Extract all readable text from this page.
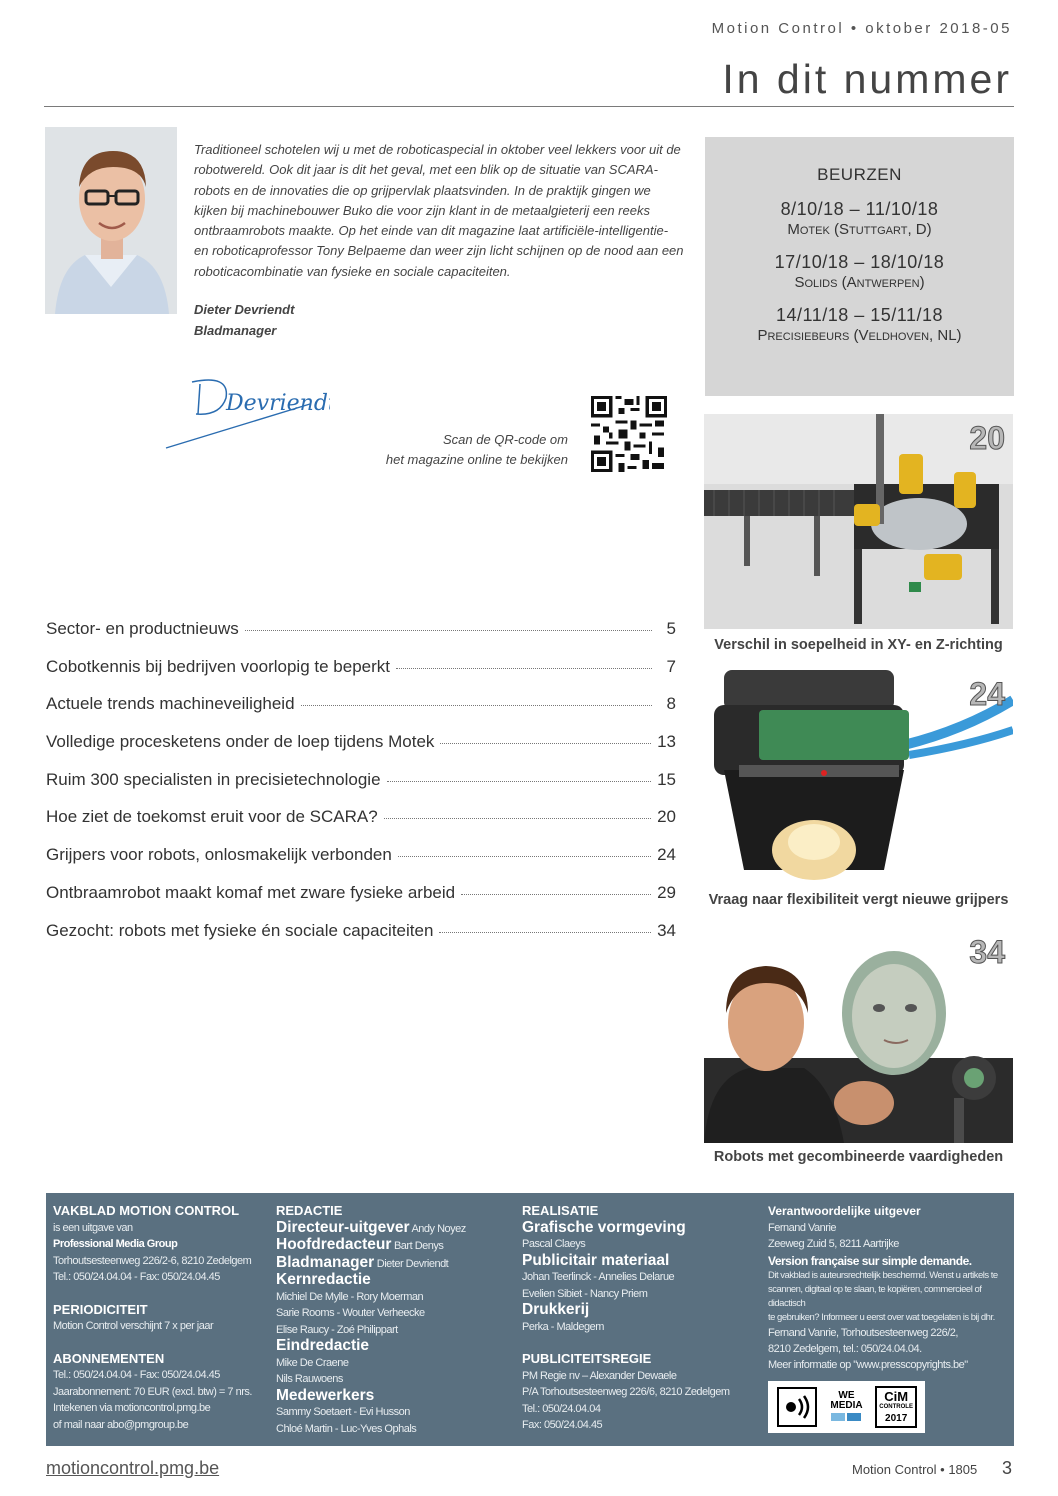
Motion Control • oktober 2018-05
In dit nummer
Traditioneel schotelen wij u met de roboticaspecial in oktober veel lekkers voor uit de robotwereld. Ook dit jaar is dit het geval, met een blik op de situatie van SCARA-robots en de innovaties die op grijpervlak plaatsvinden. In de praktijk gingen we kijken bij machinebouwer Buko die voor zijn klant in de metaalgieterij een reeks ontbraamrobots maakte. Op het einde van dit magazine laat artificiële-intelligentie- en roboticaprofessor Tony Belpaeme dan weer zijn licht schijnen op de nood aan een roboticacombinatie van fysieke en sociale capaciteiten.
Dieter Devriendt
Bladmanager
Devriendt
Scan de QR-code om
het magazine online te bekijken
BEURZEN
8/10/18 – 11/10/18
Motek (Stuttgart, D)
17/10/18 – 18/10/18
Solids (Antwerpen)
14/11/18 – 15/11/18
Precisiebeurs (Veldhoven, NL)
Sector- en productnieuws	5
Cobotkennis bij bedrijven voorlopig te beperkt	7
Actuele trends machineveiligheid	8
Volledige procesketens onder de loep tijdens Motek	13
Ruim 300 specialisten in precisietechnologie	15
Hoe ziet de toekomst eruit voor de SCARA?	20
Grijpers voor robots, onlosmakelijk verbonden	24
Ontbraamrobot maakt komaf met zware fysieke arbeid	29
Gezocht: robots met fysieke én sociale capaciteiten	34
20
Verschil in soepelheid in XY- en Z-richting
24
Vraag naar flexibiliteit vergt nieuwe grijpers
34
Robots met gecombineerde vaardigheden
VAKBLAD MOTION CONTROL
is een uitgave van
Professional Media Group
Torhoutsesteenweg 226/2-6, 8210 Zedelgem
Tel.: 050/24.04.04 - Fax: 050/24.04.45
PERIODICITEIT
Motion Control verschijnt 7 x per jaar
ABONNEMENTEN
Tel.: 050/24.04.04 - Fax: 050/24.04.45
Jaarabonnement: 70 EUR (excl. btw) = 7 nrs.
Intekenen via motioncontrol.pmg.be
of mail naar abo@pmgroup.be
REDACTIE
Directeur-uitgever Andy Noyez
Hoofdredacteur Bart Denys
Bladmanager Dieter Devriendt
Kernredactie
Michiel De Mylle - Rory Moerman
Sarie Rooms - Wouter Verheecke
Elise Raucy - Zoé Philippart
Eindredactie
Mike De Craene
Nils Rauwoens
Medewerkers
Sammy Soetaert - Evi Husson
Chloé Martin - Luc-Yves Ophals
REALISATIE
Grafische vormgeving
Pascal Claeys
Publicitair materiaal
Johan Teerlinck - Annelies Delarue
Evelien Sibiet - Nancy Priem
Drukkerij
Perka - Maldegem
PUBLICITEITSREGIE
PM Regie nv – Alexander Dewaele
P/A Torhoutsesteenweg 226/6, 8210 Zedelgem
Tel.: 050/24.04.04
Fax: 050/24.04.45
Verantwoordelijke uitgever
Fernand Vanrie
Zeeweg Zuid 5, 8211 Aartrijke
Version française sur simple demande.
Dit vakblad is auteursrechtelijk beschermd. Wenst u artikels te
scannen, digitaal op te slaan, te kopiëren, commercieel of didactisch
te gebruiken? Informeer u eerst over wat toegelaten is bij dhr.
Fernand Vanrie, Torhoutsesteenweg 226/2,
8210 Zedelgem, tel.: 050/24.04.04.
Meer informatie op "www.presscopyrights.be"
WE MEDIA
CiM
CONTROLE
2017
motioncontrol.pmg.be	Motion Control • 1805 3
